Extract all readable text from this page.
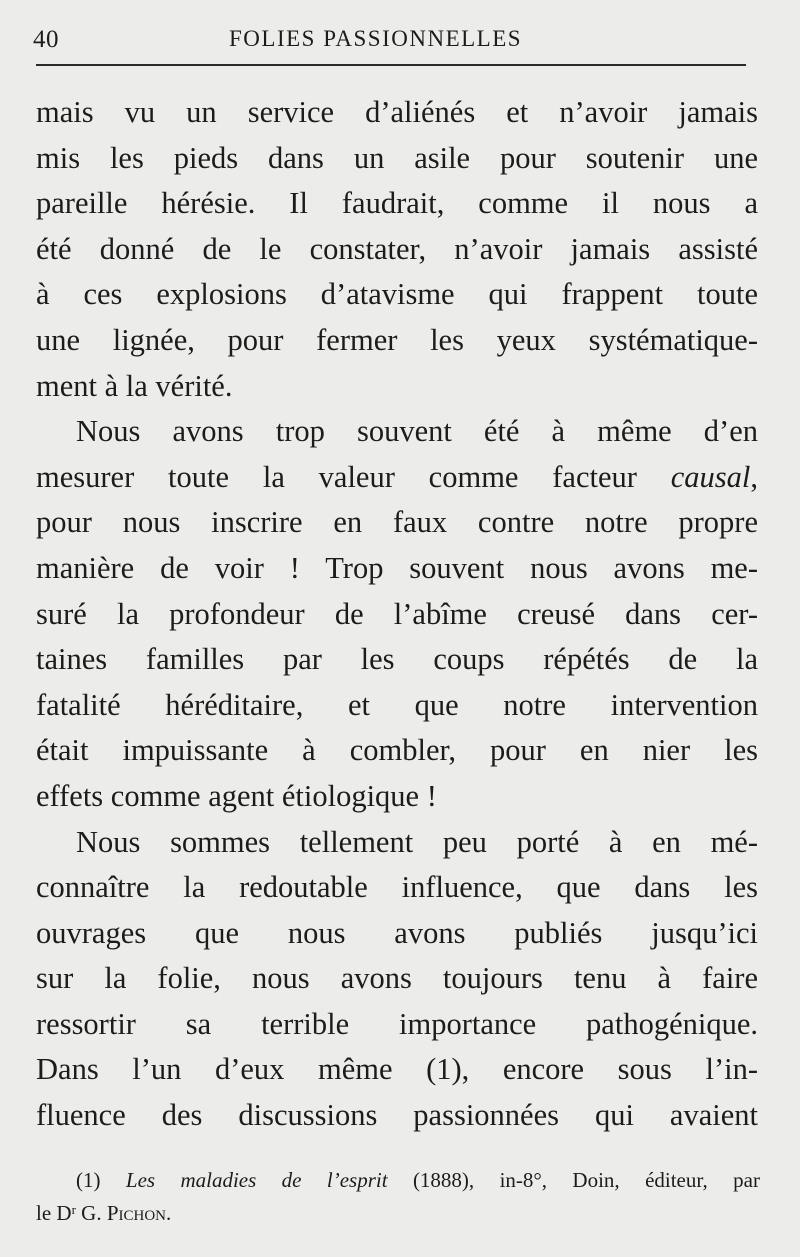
40	FOLIES PASSIONNELLES

mais vu un service d’aliénés et n’avoir jamais
mis les pieds dans un asile pour soutenir une
pareille hérésie. Il faudrait, comme il nous a
été donné de le constater, n’avoir jamais assisté
à ces explosions d’atavisme qui frappent toute
une lignée, pour fermer les yeux systématique-
ment à la vérité.

Nous avons trop souvent été à même d’en
mesurer toute la valeur comme facteur causal,
pour nous inscrire en faux contre notre propre
manière de voir ! Trop souvent nous avons me-
suré la profondeur de l’abîme creusé dans cer-
taines familles par les coups répétés de la
fatalité héréditaire, et que notre intervention
était impuissante à combler, pour en nier les
effets comme agent étiologique !

Nous sommes tellement peu porté à en mé-
connaître la redoutable influence, que dans les
ouvrages que nous avons publiés jusqu’ici
sur la folie, nous avons toujours tenu à faire
ressortir sa terrible importance pathogénique.
Dans l’un d’eux même (1), encore sous l’in-
fluence des discussions passionnées qui avaient

(1) Les maladies de l’esprit (1888), in-8°, Doin, éditeur, par
le $D^r$ G. Pichon.
